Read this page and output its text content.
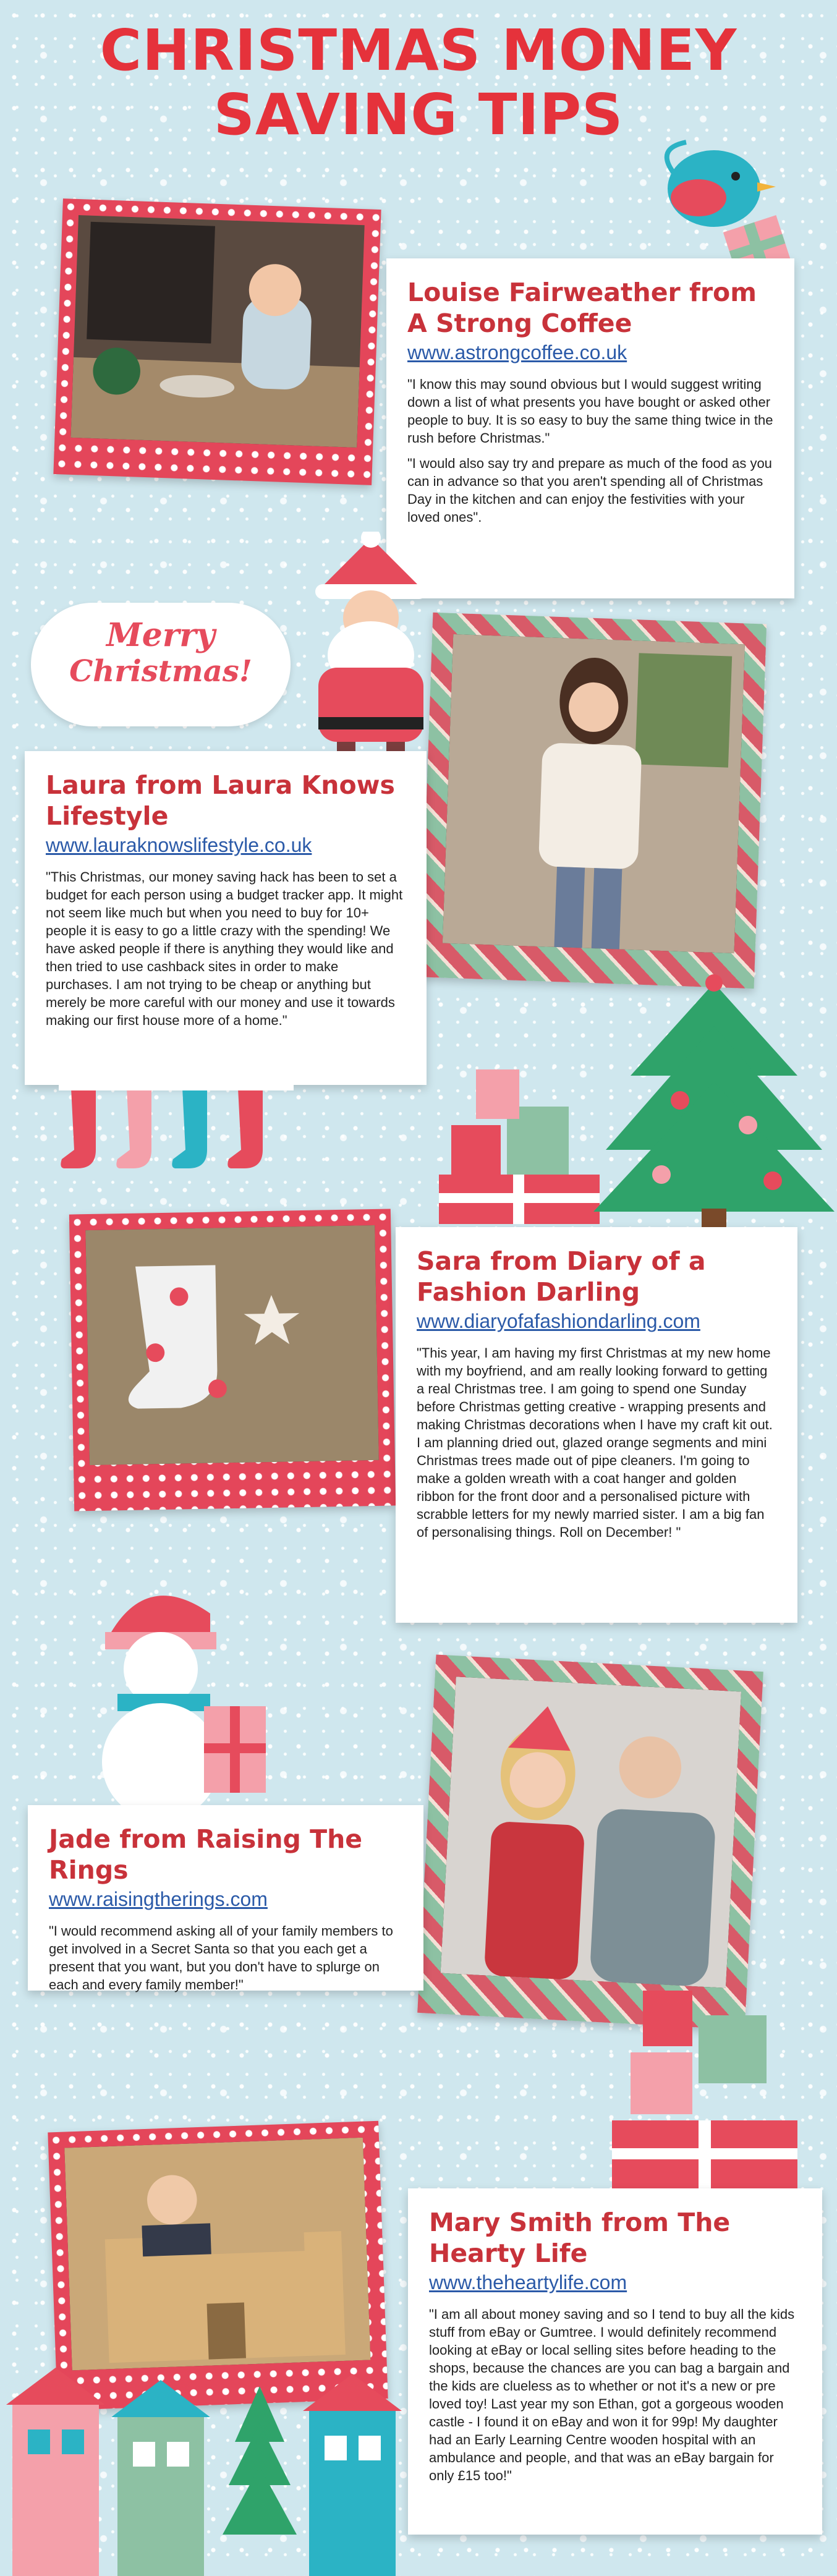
CHRISTMAS MONEY
SAVING TIPS
Louise Fairweather from A Strong Coffee
www.astrongcoffee.co.uk

"I know this may sound obvious but I would suggest writing down a list of what presents you have bought or asked other people to buy. It is so easy to buy the same thing twice in the rush before Christmas."

"I would also say try and prepare as much of the food as you can in advance so that you aren't spending all of Christmas Day in the kitchen and can enjoy the festivities with your loved ones".

Merry
Christmas!
Laura from Laura Knows Lifestyle
www.lauraknowslifestyle.co.uk

"This Christmas, our money saving hack has been to set a budget for each person using a budget tracker app. It might not seem like much but when you need to buy for 10+ people it is easy to go a little crazy with the spending! We have asked people if there is anything they would like and then tried to use cashback sites in order to make purchases. I am not trying to be cheap or anything but merely be more careful with our money and use it towards making our first house more of a home."

Sara from Diary of a Fashion Darling
www.diaryofafashiondarling.com

"This year, I am having my first Christmas at my new home with my boyfriend, and am really looking forward to getting a real Christmas tree. I am going to spend one Sunday before Christmas getting creative - wrapping presents and making Christmas decorations when I have my craft kit out. I am planning dried out, glazed orange segments and mini Christmas trees made out of pipe cleaners. I'm going to make a golden wreath with a coat hanger and golden ribbon for the front door and a personalised picture with scrabble letters for my newly married sister. I am a big fan of personalising things. Roll on December! "

Jade from Raising The Rings
www.raisingtherings.com

"I would recommend asking all of your family members to get involved in a Secret Santa so that you each get a present that you want, but you don't have to splurge on each and every family member!"

Mary Smith from The Hearty Life
www.theheartylife.com

"I am all about money saving and so I tend to buy all the kids stuff from eBay or Gumtree. I would definitely recommend looking at eBay or local selling sites before heading to the shops, because the chances are you can bag a bargain and the kids are clueless as to whether or not it's a new or pre loved toy! Last year my son Ethan, got a gorgeous wooden castle - I found it on eBay and won it for 99p! My daughter had an Early Learning Centre wooden hospital with an ambulance and people, and that was an eBay bargain for only £15 too!"
